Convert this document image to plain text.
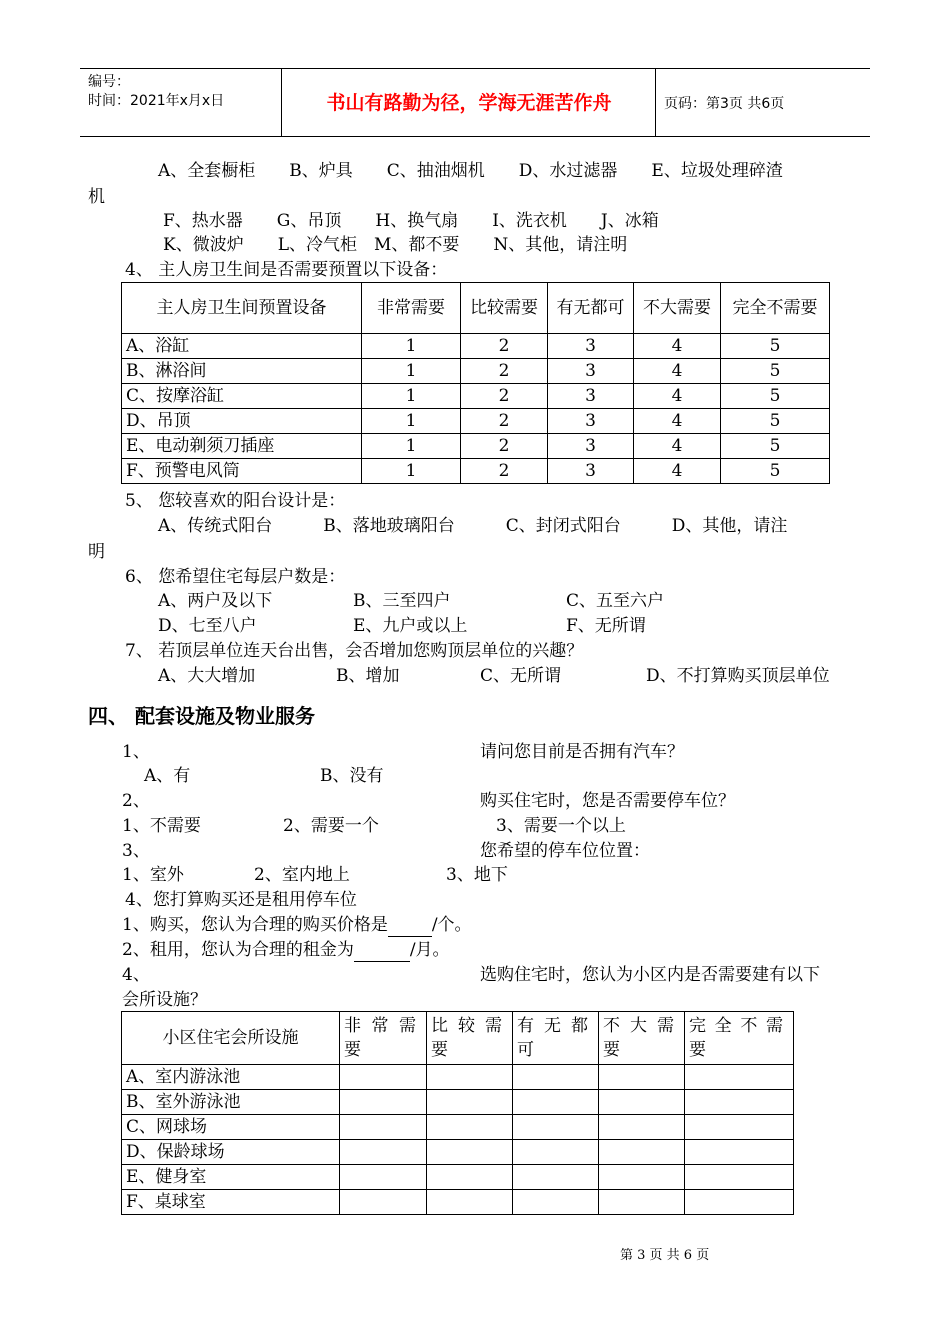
编号：
时间：2021年x月x日	书山有路勤为径，学海无涯苦作舟	页码：第3页 共6页
A、全套橱柜　　B、炉具　　C、抽油烟机　　D、水过滤器　　E、垃圾处理碎渣
机
F、热水器　　G、吊顶　　H、换气扇　　I、洗衣机　　J、冰箱
K、微波炉　　L、冷气柜　M、都不要　　N、其他，请注明
4、 主人房卫生间是否需要预置以下设备：
主人房卫生间预置设备	非常需要	比较需要	有无都可	不大需要	完全不需要
A、浴缸	1	2	3	4	5
B、淋浴间	1	2	3	4	5
C、按摩浴缸	1	2	3	4	5
D、吊顶	1	2	3	4	5
E、电动剃须刀插座	1	2	3	4	5
F、预警电风筒	1	2	3	4	5
5、 您较喜欢的阳台设计是：
A、传统式阳台　　　B、落地玻璃阳台　　　C、封闭式阳台　　　D、其他，请注
明
6、 您希望住宅每层户数是：
A、两户及以下	B、三至四户	C、五至六户
D、七至八户	E、九户或以上	F、无所谓
7、 若顶层单位连天台出售，会否增加您购顶层单位的兴趣？
A、大大增加	B、增加	C、无所谓	D、不打算购买顶层单位
四、 配套设施及物业服务
1、	请问您目前是否拥有汽车？
A、有	B、没有
2、	购买住宅时，您是否需要停车位？
1、不需要	2、需要一个	3、需要一个以上
3、	您希望的停车位位置：
1、室外	2、室内地上	3、地下
4、您打算购买还是租用停车位
1、购买，您认为合理的购买价格是	/个。
2、租用，您认为合理的租金为	/月。
4、	选购住宅时，您认为小区内是否需要建有以下
会所设施？
小区住宅会所设施	非常需要	比较需要	有无都可	不大需要	完全不需要
A、室内游泳池					
B、室外游泳池					
C、网球场					
D、保龄球场					
E、健身室					
F、桌球室					
第 3 页 共 6 页
